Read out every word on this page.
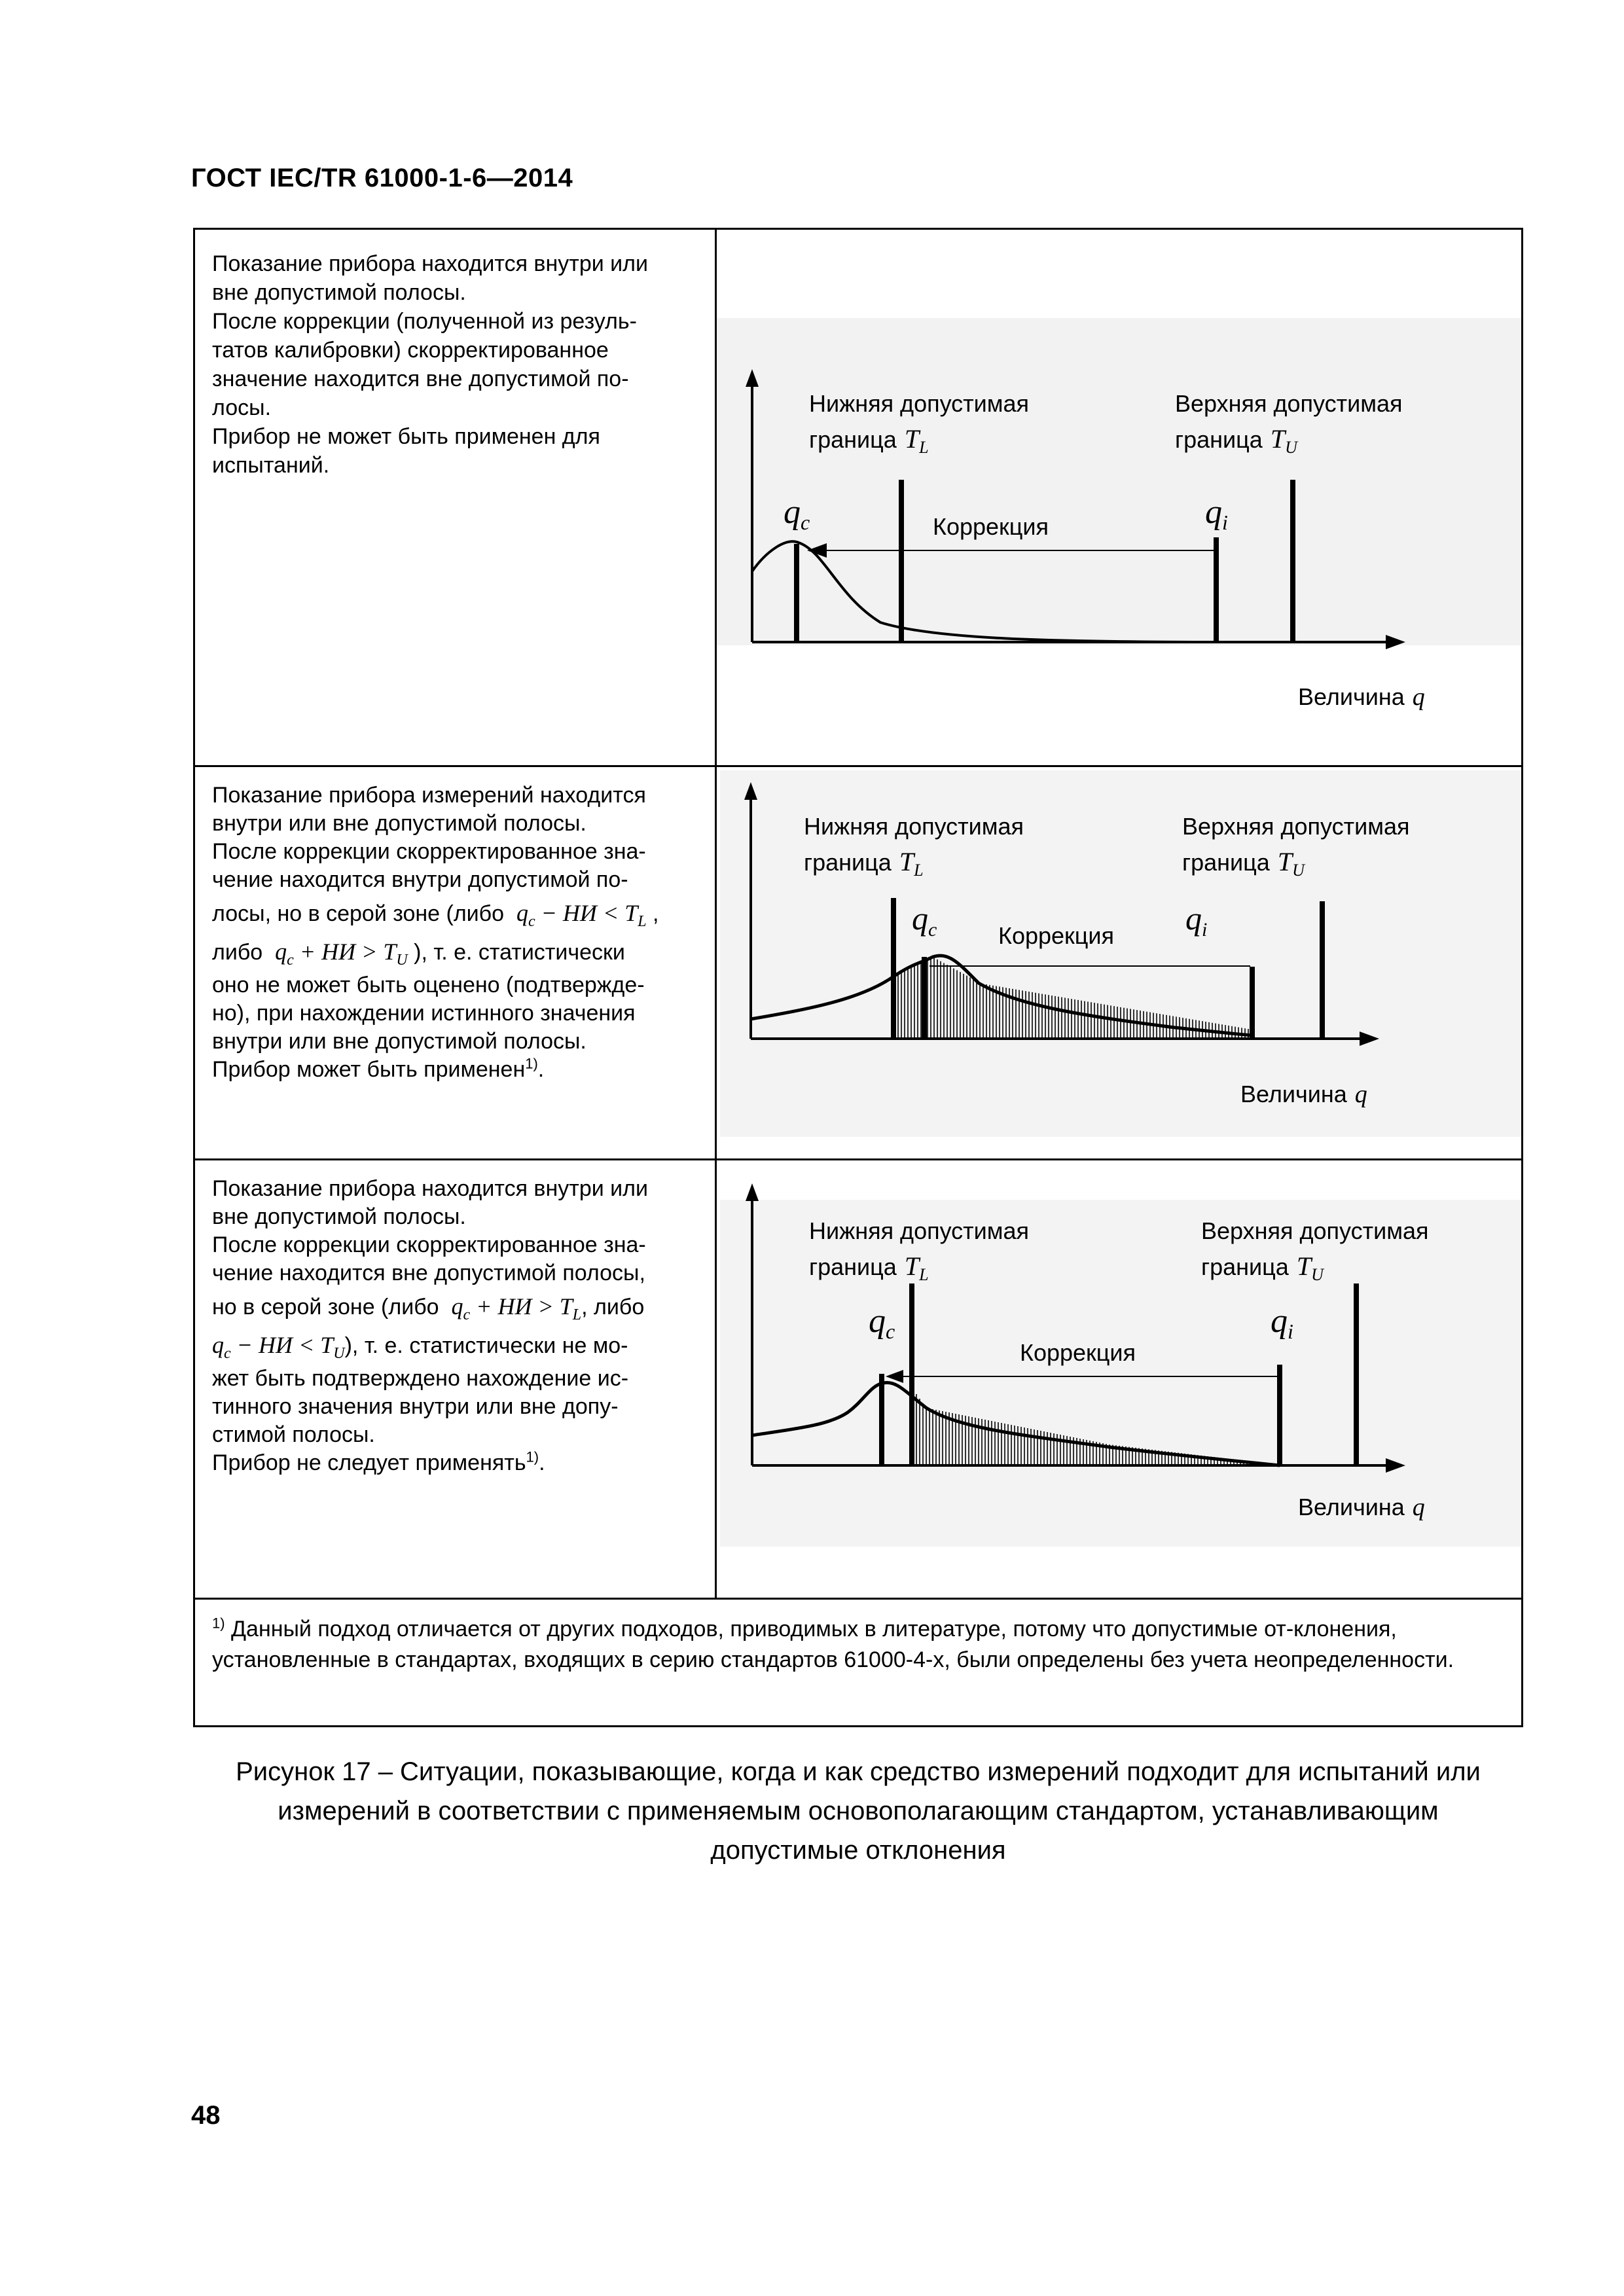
ГОСТ IEC/TR 61000-1-6—2014
Показание прибора находится внутри или
вне допустимой полосы.
После коррекции (полученной из резуль-
татов калибровки) скорректированное
значение находится вне допустимой по-
лосы.
Прибор не может быть применен для
испытаний.
Нижняя допустимая
граница $T_L$
Верхняя допустимая
граница $T_U$
qc	Коррекция	qi
Величина q
Показание прибора измерений находится
внутри или вне допустимой полосы.
После коррекции скорректированное зна-
чение находится внутри допустимой по-
лосы, но в серой зоне (либо $q_c$ − НИ < $T_L$ ,
либо $q_c$ + НИ > $T_U$ ), т. е. статистически
оно не может быть оценено (подтвержде-
но), при нахождении истинного значения
внутри или вне допустимой полосы.
Прибор может быть применен$^{1)}$.
Нижняя допустимая
граница $T_L$
Верхняя допустимая
граница $T_U$
$q_c$	Коррекция $q_i$
Величина q
Показание прибора находится внутри или
вне допустимой полосы.
После коррекции скорректированное зна-
чение находится вне допустимой полосы,
но в серой зоне (либо $q_c$ + НИ > $T_L$, либо
$q_c$ − НИ < $T_U$), т. е. статистически не мо-
жет быть подтверждено нахождение ис-
тинного значения внутри или вне допу-
стимой полосы.
Прибор не следует применять$^{1)}$.
Нижняя допустимая
граница $T_L$
Верхняя допустимая
граница $T_U$
qc
Коррекция
qi
Величина q
$^{1)}$ Данный подход отличается от других подходов, приводимых в литературе, потому что допустимые от-клонения, установленные в стандартах, входящих в серию стандартов 61000-4-х, были определены без учета неопределенности.
Рисунок 17 – Ситуации, показывающие, когда и как средство измерений подходит для испытаний или
измерений в соответствии с применяемым основополагающим стандартом, устанавливающим
допустимые отклонения
48
